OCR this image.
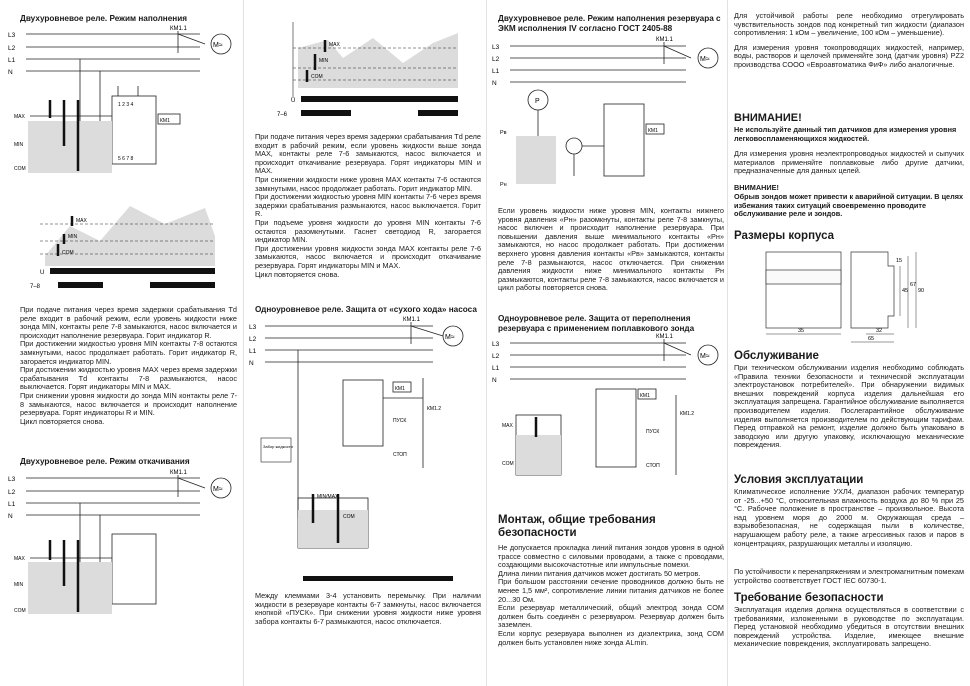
Двухуровневое реле. Режим наполнения
L3
L2
L1
N
КМ1.1
M≈
MAX
MIN
COM
КМ1
1 2 3 4
5 6 7 8
MAX
MIN
COM
U
7–8
При подаче питания через время задержки срабатывания Td реле входит в рабочий режим, если уровень жидкости ниже зонда MIN, контакты реле 7-8 замыкаются, насос включается и происходит наполнение резервуара. Горит индикатор R.
При достижении жидкостью уровня MIN контакты 7-8 остаются замкнутыми, насос продолжает работать. Горит индикатор R, загорается индикатор MIN.
При достижении жидкостью уровня MAX через время задержки срабатывания Td контакты 7-8 размыкаются, насос выключается. Горят индикаторы MIN и MAX.
При снижении уровня жидкости до зонда MIN контакты реле 7-8 замыкаются, насос включается и происходит наполнение резервуара. Горят индикаторы R и MIN.
Цикл повторяется снова.
Двухуровневое реле. Режим откачивания
L3
L2
L1
N
КМ1.1
M≈
MAX
MIN
COM
MAX
MIN
COM
U
7–6
При подаче питания через время задержки срабатывания Td реле входит в рабочий режим, если уровень жидкости выше зонда MAX, контакты реле 7-6 замыкаются, насос включается и происходит откачивание резервуара. Горят индикаторы MIN и MAX.
При снижении жидкости ниже уровня MAX контакты 7-6 остаются замкнутыми, насос продолжает работать. Горит индикатор MIN.
При достижении жидкостью уровня MIN контакты 7-6 через время задержки срабатывания размыкаются, насос выключается. Горит R.
При подъеме уровня жидкости до уровня MIN контакты 7-6 остаются разомкнутыми. Гаснет светодиод R, загорается индикатор MIN.
При достижении уровня жидкости зонда MAX контакты реле 7-6 замыкаются, насос включается и происходит откачивание резервуара. Горят индикаторы MIN и MAX.
Цикл повторяется снова.
Одноуровневое реле. Защита от «сухого хода» насоса
L3
L2
L1
N
КМ1.1
M≈
КМ1
КМ1.2
ПУСК
СТОП
Забор жидкости
MIN/MAX
COM
Между клеммами 3-4 установить перемычку. При наличии жидкости в резервуаре контакты 6-7 замкнуты, насос включается кнопкой «ПУСК». При снижении уровня жидкости ниже уровня забора контакты 6-7 размыкаются, насос отключается.
Двухуровневое реле. Режим наполнения резервуара с ЭКМ исполнения IV согласно ГОСТ 2405-88
L3
L2
L1
N
КМ1.1
M≈
P
Pв
Pн
КМ1
Если уровень жидкости ниже уровня MIN, контакты нижнего уровня давления «Рн» разомкнуты, контакты реле 7-8 замкнуты, насос включен и происходит наполнение резервуара. При повышении давления выше минимального контакты «Рн» замыкаются, но насос продолжает работать. При достижении верхнего уровня давления контакты «Рв» замыкаются, контакты реле 7-8 размыкаются, насос отключается. При снижении давления жидкости ниже минимального контакты Рн размыкаются, контакты реле 7-8 замыкаются, насос включается и цикл работы повторяется снова.
Одноуровневое реле. Защита от переполнения резервуара с применением поплавкового зонда
L3
L2
L1
N
КМ1.1
M≈
КМ1
КМ1.2
ПУСК
СТОП
MAX
COM
Монтаж, общие требования безопасности
Не допускается прокладка линий питания зондов уровня в одной трассе совместно с силовыми проводами, а также с проводами, создающими высокочастотные или импульсные помехи.
Длина линии питания датчиков может достигать 50 метров.
При большом расстоянии сечение проводников должно быть не менее 1,5 мм², сопротивление линии питания датчиков не более 20...30 Ом.
Если резервуар металлический, общий электрод зонда COM должен быть соединён с резервуаром. Резервуар должен быть заземлен.
Если корпус резервуара выполнен из диэлектрика, зонд COM должен быть установлен ниже зонда ALmin.
Для устойчивой работы реле необходимо отрегулировать чувствительность зондов под конкретный тип жидкости (диапазон сопротивления: 1 кОм – увеличение, 100 кОм – уменьшение).
Для измерения уровня токопроводящих жидкостей, например, воды, растворов и щелочей применяйте зонд (датчик уровня) PZ2 производства СООО «Евроавтоматика ФиФ» либо аналогичные.
ВНИМАНИЕ!
Не используйте данный тип датчиков для измерения уровня легковоспламеняющихся жидкостей.
Для измерения уровня неэлектропроводных жидкостей и сыпучих материалов применяйте поплавковые либо другие датчики, предназначенные для данных целей.
ВНИМАНИЕ!
Обрыв зондов может привести к аварийной ситуации. В целях избежания таких ситуаций своевременно проводите обслуживание реле и зондов.
Размеры корпуса
35	32
65
15
45
67
90
Обслуживание
При техническом обслуживании изделия необходимо соблюдать «Правила техники безопасности и технической эксплуатации электроустановок потребителей». При обнаружении видимых внешних повреждений корпуса изделия дальнейшая его эксплуатация запрещена. Гарантийное обслуживание выполняется производителем изделия. Послегарантийное обслуживание изделия выполняется производителем по действующим тарифам. Перед отправкой на ремонт, изделие должно быть упаковано в заводскую или другую упаковку, исключающую механические повреждения.
Условия эксплуатации
Климатическое исполнение УХЛ4, диапазон рабочих температур от -25...+50 °С, относительная влажность воздуха до 80 % при 25 °С. Рабочее положение в пространстве – произвольное. Высота над уровнем моря до 2000 м. Окружающая среда – взрывобезопасная, не содержащая пыли в количестве, нарушающем работу реле, а также агрессивных газов и паров в концентрациях, разрушающих металлы и изоляцию.
По устойчивости к перенапряжениям и электромагнитным помехам устройство соответствует ГОСТ IEC 60730-1.
Требование безопасности
Эксплуатация изделия должна осуществляться в соответствии с требованиями, изложенными в руководстве по эксплуатации. Перед установкой необходимо убедиться в отсутствии внешних повреждений устройства. Изделие, имеющее внешние механические повреждения, эксплуатировать запрещено.
